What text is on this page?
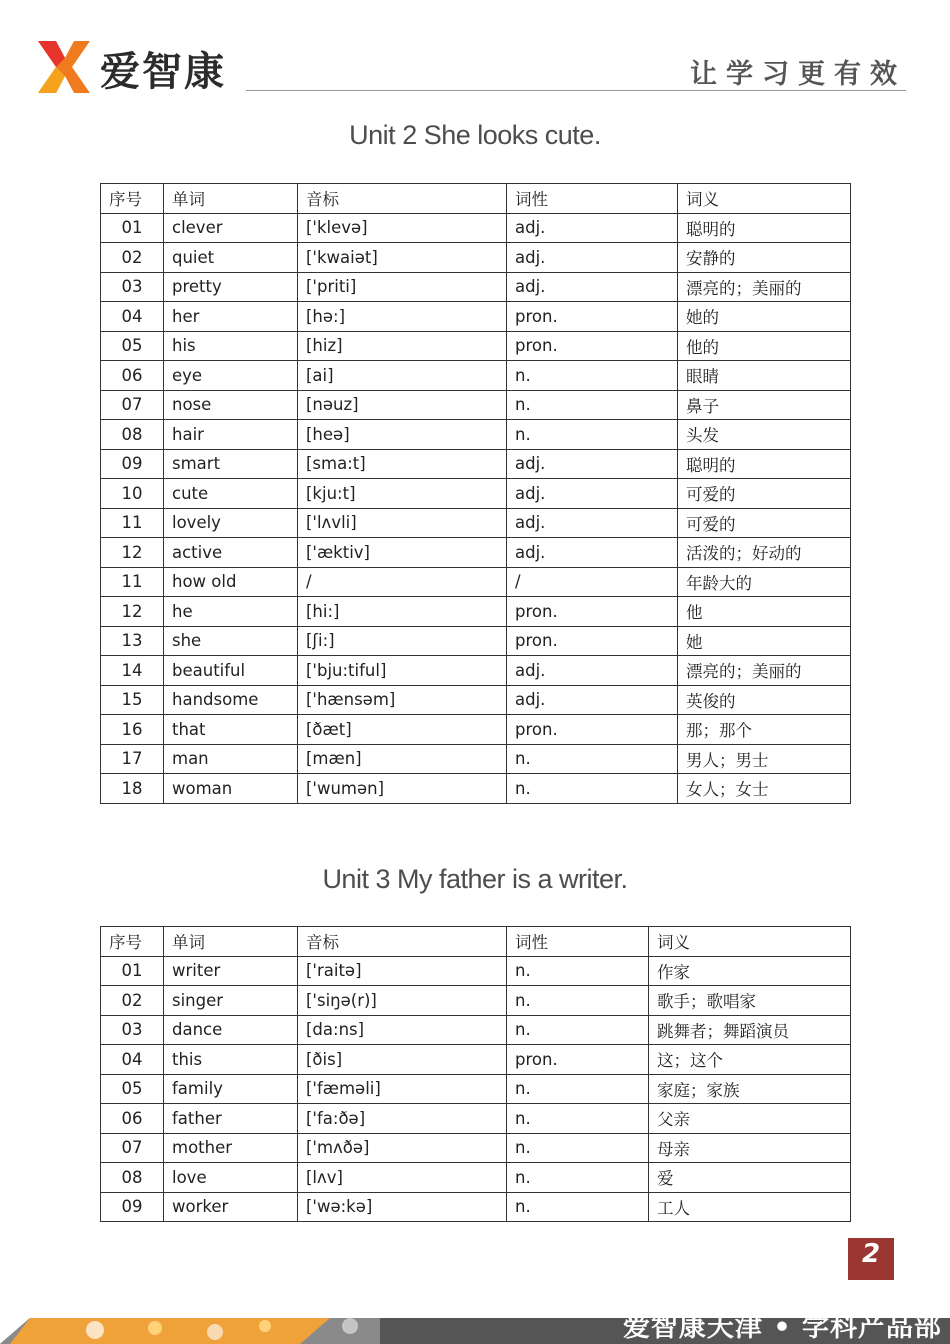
爱智康	让学习更有效
Unit 2 She looks cute.
序号	单词	音标	词性	词义
01	clever	['klevə]	adj.	聪明的
02	quiet	['kwaiət]	adj.	安静的
03	pretty	['priti]	adj.	漂亮的；美丽的
04	her	[hə:]	pron.	她的
05	his	[hiz]	pron.	他的
06	eye	[ai]	n.	眼睛
07	nose	[nəuz]	n.	鼻子
08	hair	[heə]	n.	头发
09	smart	[sma:t]	adj.	聪明的
10	cute	[kju:t]	adj.	可爱的
11	lovely	['lʌvli]	adj.	可爱的
12	active	['æktiv]	adj.	活泼的；好动的
11	how old	/	/	年龄大的
12	he	[hi:]	pron.	他
13	she	[ʃi:]	pron.	她
14	beautiful	['bju:tiful]	adj.	漂亮的；美丽的
15	handsome	['hænsəm]	adj.	英俊的
16	that	[ðæt]	pron.	那；那个
17	man	[mæn]	n.	男人；男士
18	woman	['wumən]	n.	女人；女士
Unit 3 My father is a writer.
序号	单词	音标	词性	词义
01	writer	['raitə]	n.	作家
02	singer	['siŋə(r)]	n.	歌手；歌唱家
03	dance	[da:ns]	n.	跳舞者；舞蹈演员
04	this	[ðis]	pron.	这；这个
05	family	['fæməli]	n.	家庭；家族
06	father	['fa:ðə]	n.	父亲
07	mother	['mʌðə]	n.	母亲
08	love	[lʌv]	n.	爱
09	worker	['wə:kə]	n.	工人
2
爱智康天津 • 学科产品部
